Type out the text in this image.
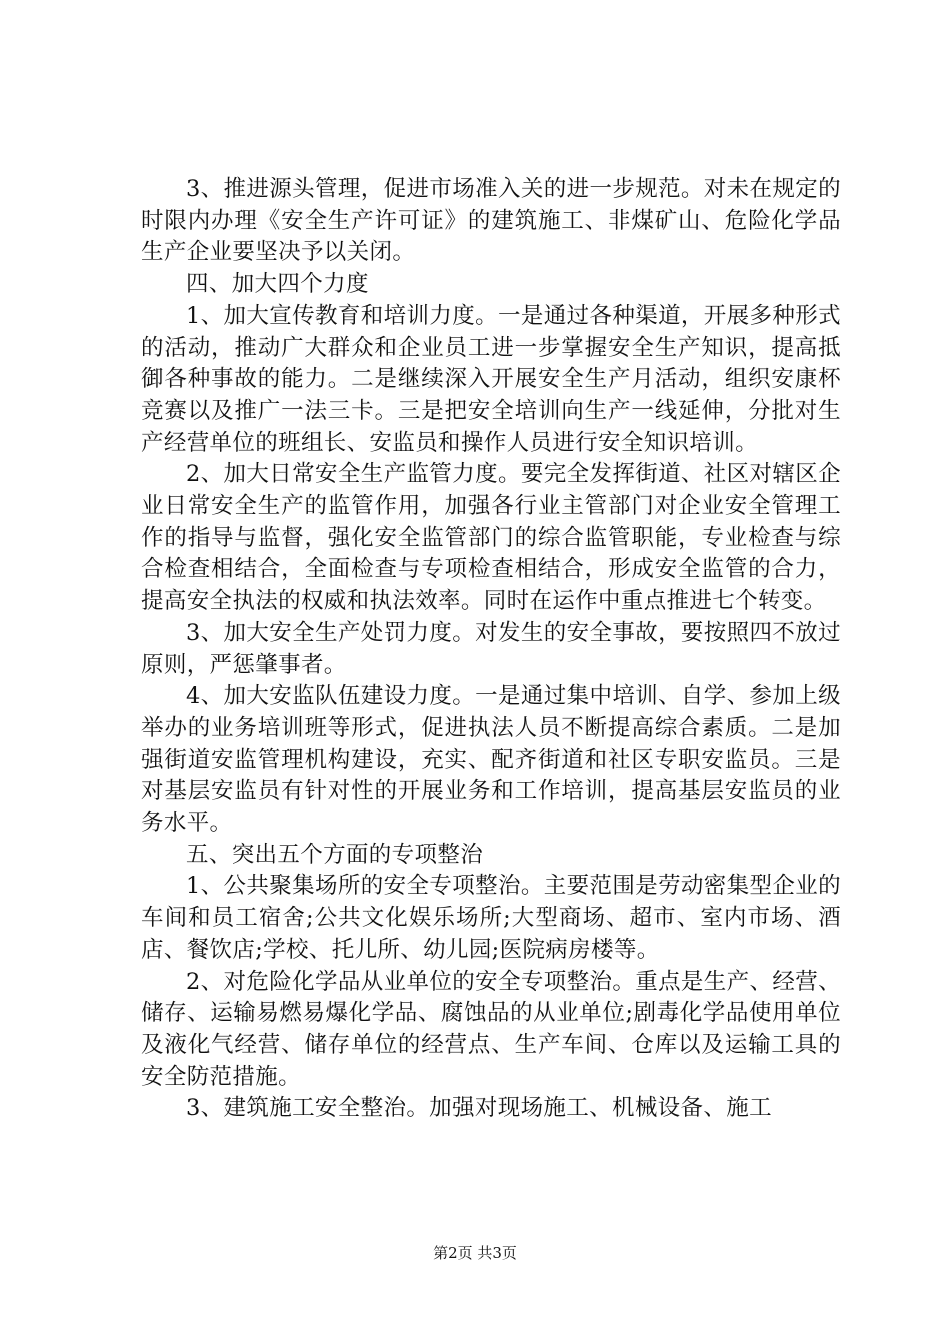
3、推进源头管理，促进市场准入关的进一步规范。对未在规定的时限内办理《安全生产许可证》的建筑施工、非煤矿山、危险化学品生产企业要坚决予以关闭。

四、加大四个力度

1、加大宣传教育和培训力度。一是通过各种渠道，开展多种形式的活动，推动广大群众和企业员工进一步掌握安全生产知识，提高抵御各种事故的能力。二是继续深入开展安全生产月活动，组织安康杯竞赛以及推广一法三卡。三是把安全培训向生产一线延伸，分批对生产经营单位的班组长、安监员和操作人员进行安全知识培训。

2、加大日常安全生产监管力度。要完全发挥街道、社区对辖区企业日常安全生产的监管作用，加强各行业主管部门对企业安全管理工作的指导与监督，强化安全监管部门的综合监管职能，专业检查与综合检查相结合，全面检查与专项检查相结合，形成安全监管的合力，提高安全执法的权威和执法效率。同时在运作中重点推进七个转变。

3、加大安全生产处罚力度。对发生的安全事故，要按照四不放过原则，严惩肇事者。

4、加大安监队伍建设力度。一是通过集中培训、自学、参加上级举办的业务培训班等形式，促进执法人员不断提高综合素质。二是加强街道安监管理机构建设，充实、配齐街道和社区专职安监员。三是对基层安监员有针对性的开展业务和工作培训，提高基层安监员的业务水平。

五、突出五个方面的专项整治

1、公共聚集场所的安全专项整治。主要范围是劳动密集型企业的车间和员工宿舍;公共文化娱乐场所;大型商场、超市、室内市场、酒店、餐饮店;学校、托儿所、幼儿园;医院病房楼等。

2、对危险化学品从业单位的安全专项整治。重点是生产、经营、储存、运输易燃易爆化学品、腐蚀品的从业单位;剧毒化学品使用单位及液化气经营、储存单位的经营点、生产车间、仓库以及运输工具的安全防范措施。

3、建筑施工安全整治。加强对现场施工、机械设备、施工

第2页 共3页
